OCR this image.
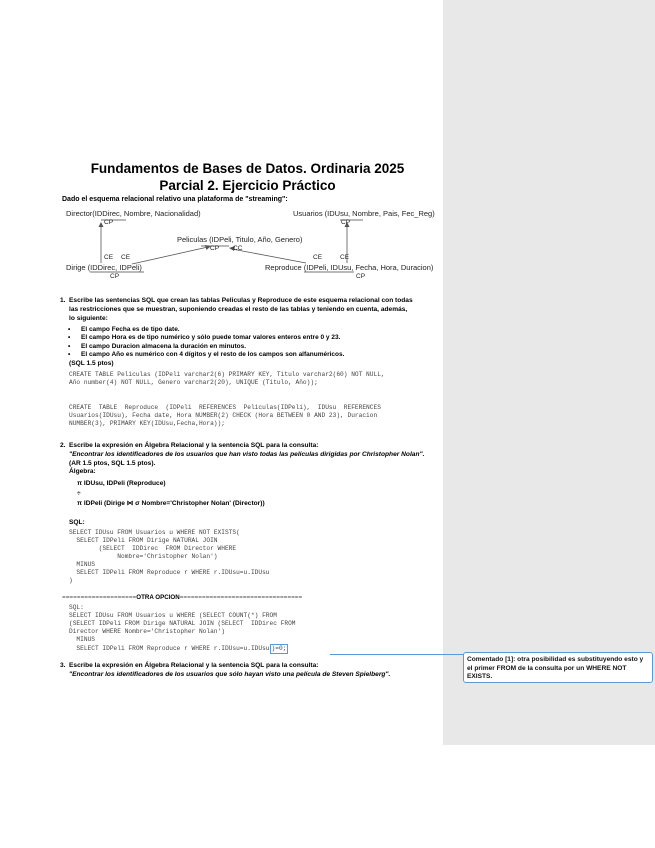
Fundamentos de Bases de Datos. Ordinaria 2025
Parcial 2. Ejercicio Práctico
Dado el esquema relacional relativo una plataforma de "streaming":
Director(IDDirec, Nombre, Nacionalidad)
CP
Usuarios (IDUsu, Nombre, Pais, Fec_Reg)
CP
Peliculas (IDPeli, Titulo, Año, Genero)
CP CC
CE CE
Dirige (IDDirec, IDPeli)
CP
CE	CE
Reproduce (IDPeli, IDUsu, Fecha, Hora, Duracion)
CP
1. Escribe las sentencias SQL que crean las tablas Peliculas y Reproduce de este esquema relacional con todas
las restricciones que se muestran, suponiendo creadas el resto de las tablas y teniendo en cuenta, además,
lo siguiente:
• El campo Fecha es de tipo date.
• El campo Hora es de tipo numérico y sólo puede tomar valores enteros entre 0 y 23.
• El campo Duracion almacena la duración en minutos.
• El campo Año es numérico con 4 dígitos y el resto de los campos son alfanuméricos.
(SQL 1.5 ptos)
CREATE TABLE Peliculas (IDPeli varchar2(6) PRIMARY KEY, Titulo varchar2(60) NOT NULL,
Año number(4) NOT NULL, Genero varchar2(20), UNIQUE (Titulo, Año));
CREATE  TABLE  Reproduce  (IDPeli  REFERENCES  Peliculas(IDPeli),  IDUsu  REFERENCES
Usuarios(IDUsu), Fecha date, Hora NUMBER(2) CHECK (Hora BETWEEN 0 AND 23), Duracion
NUMBER(3), PRIMARY KEY(IDUsu,Fecha,Hora));
2. Escribe la expresión en Álgebra Relacional y la sentencia SQL para la consulta:
"Encontrar los identificadores de los usuarios que han visto todas las películas dirigidas por Christopher Nolan".
(AR 1.5 ptos, SQL 1.5 ptos).
Álgebra:
π IDUsu, IDPeli (Reproduce)
÷
π IDPeli (Dirige ⋈ σ Nombre='Christopher Nolan' (Director))
SQL:
SELECT IDUsu FROM Usuarios u WHERE NOT EXISTS(
SELECT IDPeli FROM Dirige NATURAL JOIN
(SELECT  IDDirec  FROM Director WHERE
Nombre='Christopher Nolan')
MINUS
SELECT IDPeli FROM Reproduce r WHERE r.IDUsu=u.IDUsu
)
====================OTRA OPCION=================================
SQL:
SELECT IDUsu FROM Usuarios u WHERE (SELECT COUNT(*) FROM
(SELECT IDPeli FROM Dirige NATURAL JOIN (SELECT  IDDirec FROM
Director WHERE Nombre='Christopher Nolan')
MINUS
SELECT IDPeli FROM Reproduce r WHERE r.IDUsu=u.IDUsu )=0;
3. Escribe la expresión en Álgebra Relacional y la sentencia SQL para la consulta:
"Encontrar los identificadores de los usuarios que sólo hayan visto una película de Steven Spielberg".
Comentado [1]: otra posibilidad es substituyendo esto y el primer FROM de la consulta por un WHERE NOT EXISTS.
